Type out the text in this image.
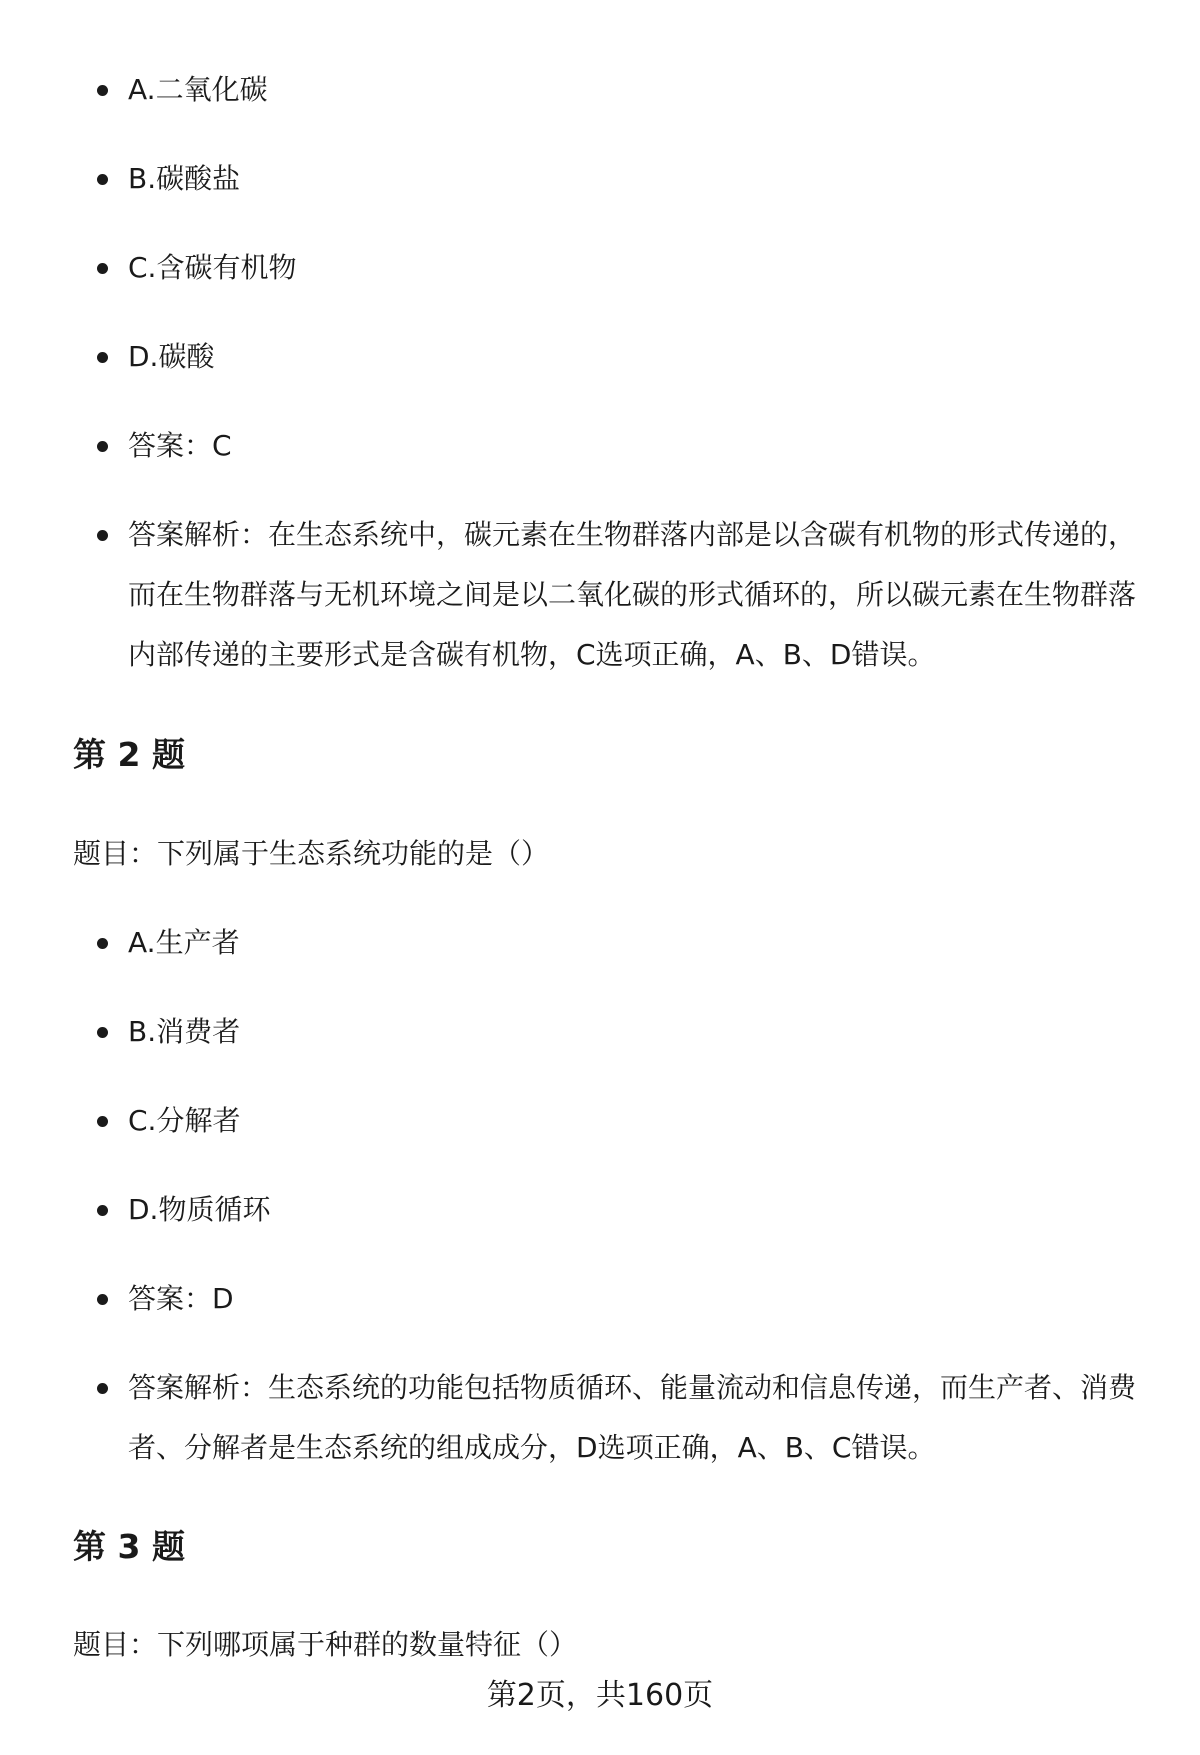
A.二氧化碳
B.碳酸盐
C.含碳有机物
D.碳酸
答案：C
答案解析：在生态系统中，碳元素在生物群落内部是以含碳有机物的形式传递的，而在生物群落与无机环境之间是以二氧化碳的形式循环的，所以碳元素在生物群落内部传递的主要形式是含碳有机物，C选项正确，A、B、D错误。
第 2 题
题目：下列属于生态系统功能的是（）
A.生产者
B.消费者
C.分解者
D.物质循环
答案：D
答案解析：生态系统的功能包括物质循环、能量流动和信息传递，而生产者、消费者、分解者是生态系统的组成成分，D选项正确，A、B、C错误。
第 3 题
题目：下列哪项属于种群的数量特征（）
第2页，共160页
